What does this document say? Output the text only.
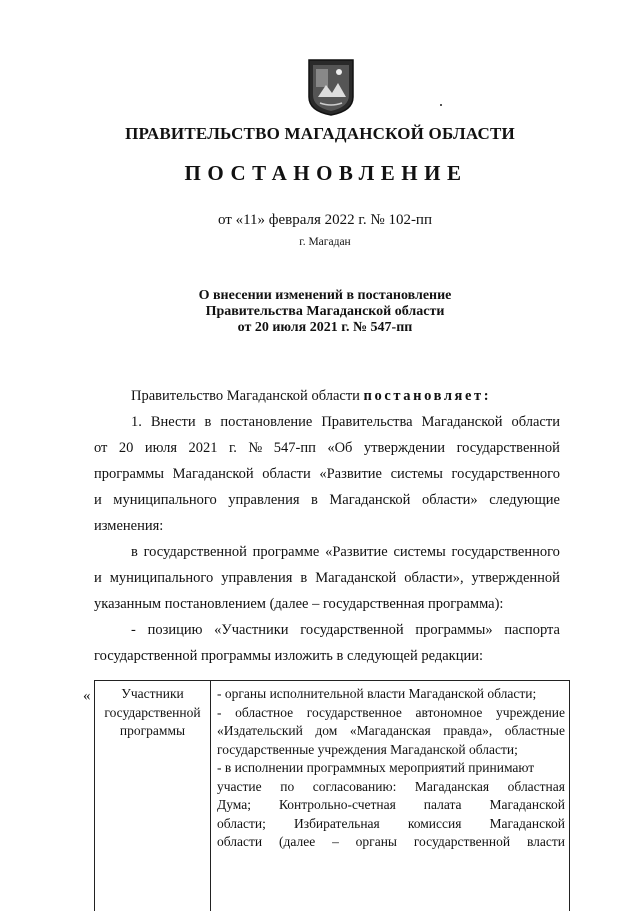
ПРАВИТЕЛЬСТВО МАГАДАНСКОЙ ОБЛАСТИ
ПОСТАНОВЛЕНИЕ
от «11» февраля 2022 г. № 102-пп
г. Магадан
О внесении изменений в постановление
Правительства Магаданской области
от 20 июля 2021 г. № 547-пп
Правительство Магаданской области постановляет:
1. Внести в постановление Правительства Магаданской области
от 20 июля 2021 г. № 547-пп «Об утверждении государственной
программы Магаданской области «Развитие системы государственного
и муниципального управления в Магаданской области» следующие
изменения:
в государственной программе «Развитие системы государственного
и муниципального управления в Магаданской области», утвержденной
указанным постановлением (далее – государственная программа):
- позицию «Участники государственной программы» паспорта
государственной программы изложить в следующей редакции:
«	Участники
государственной
программы
- органы исполнительной власти Магаданской области;
- областное государственное автономное учреждение
«Издательский дом «Магаданская правда», областные
государственные учреждения Магаданской области;
- в исполнении программных мероприятий принимают
участие по согласованию: Магаданская областная
Дума; Контрольно-счетная палата Магаданской
области; Избирательная комиссия Магаданской
области (далее – органы государственной власти
